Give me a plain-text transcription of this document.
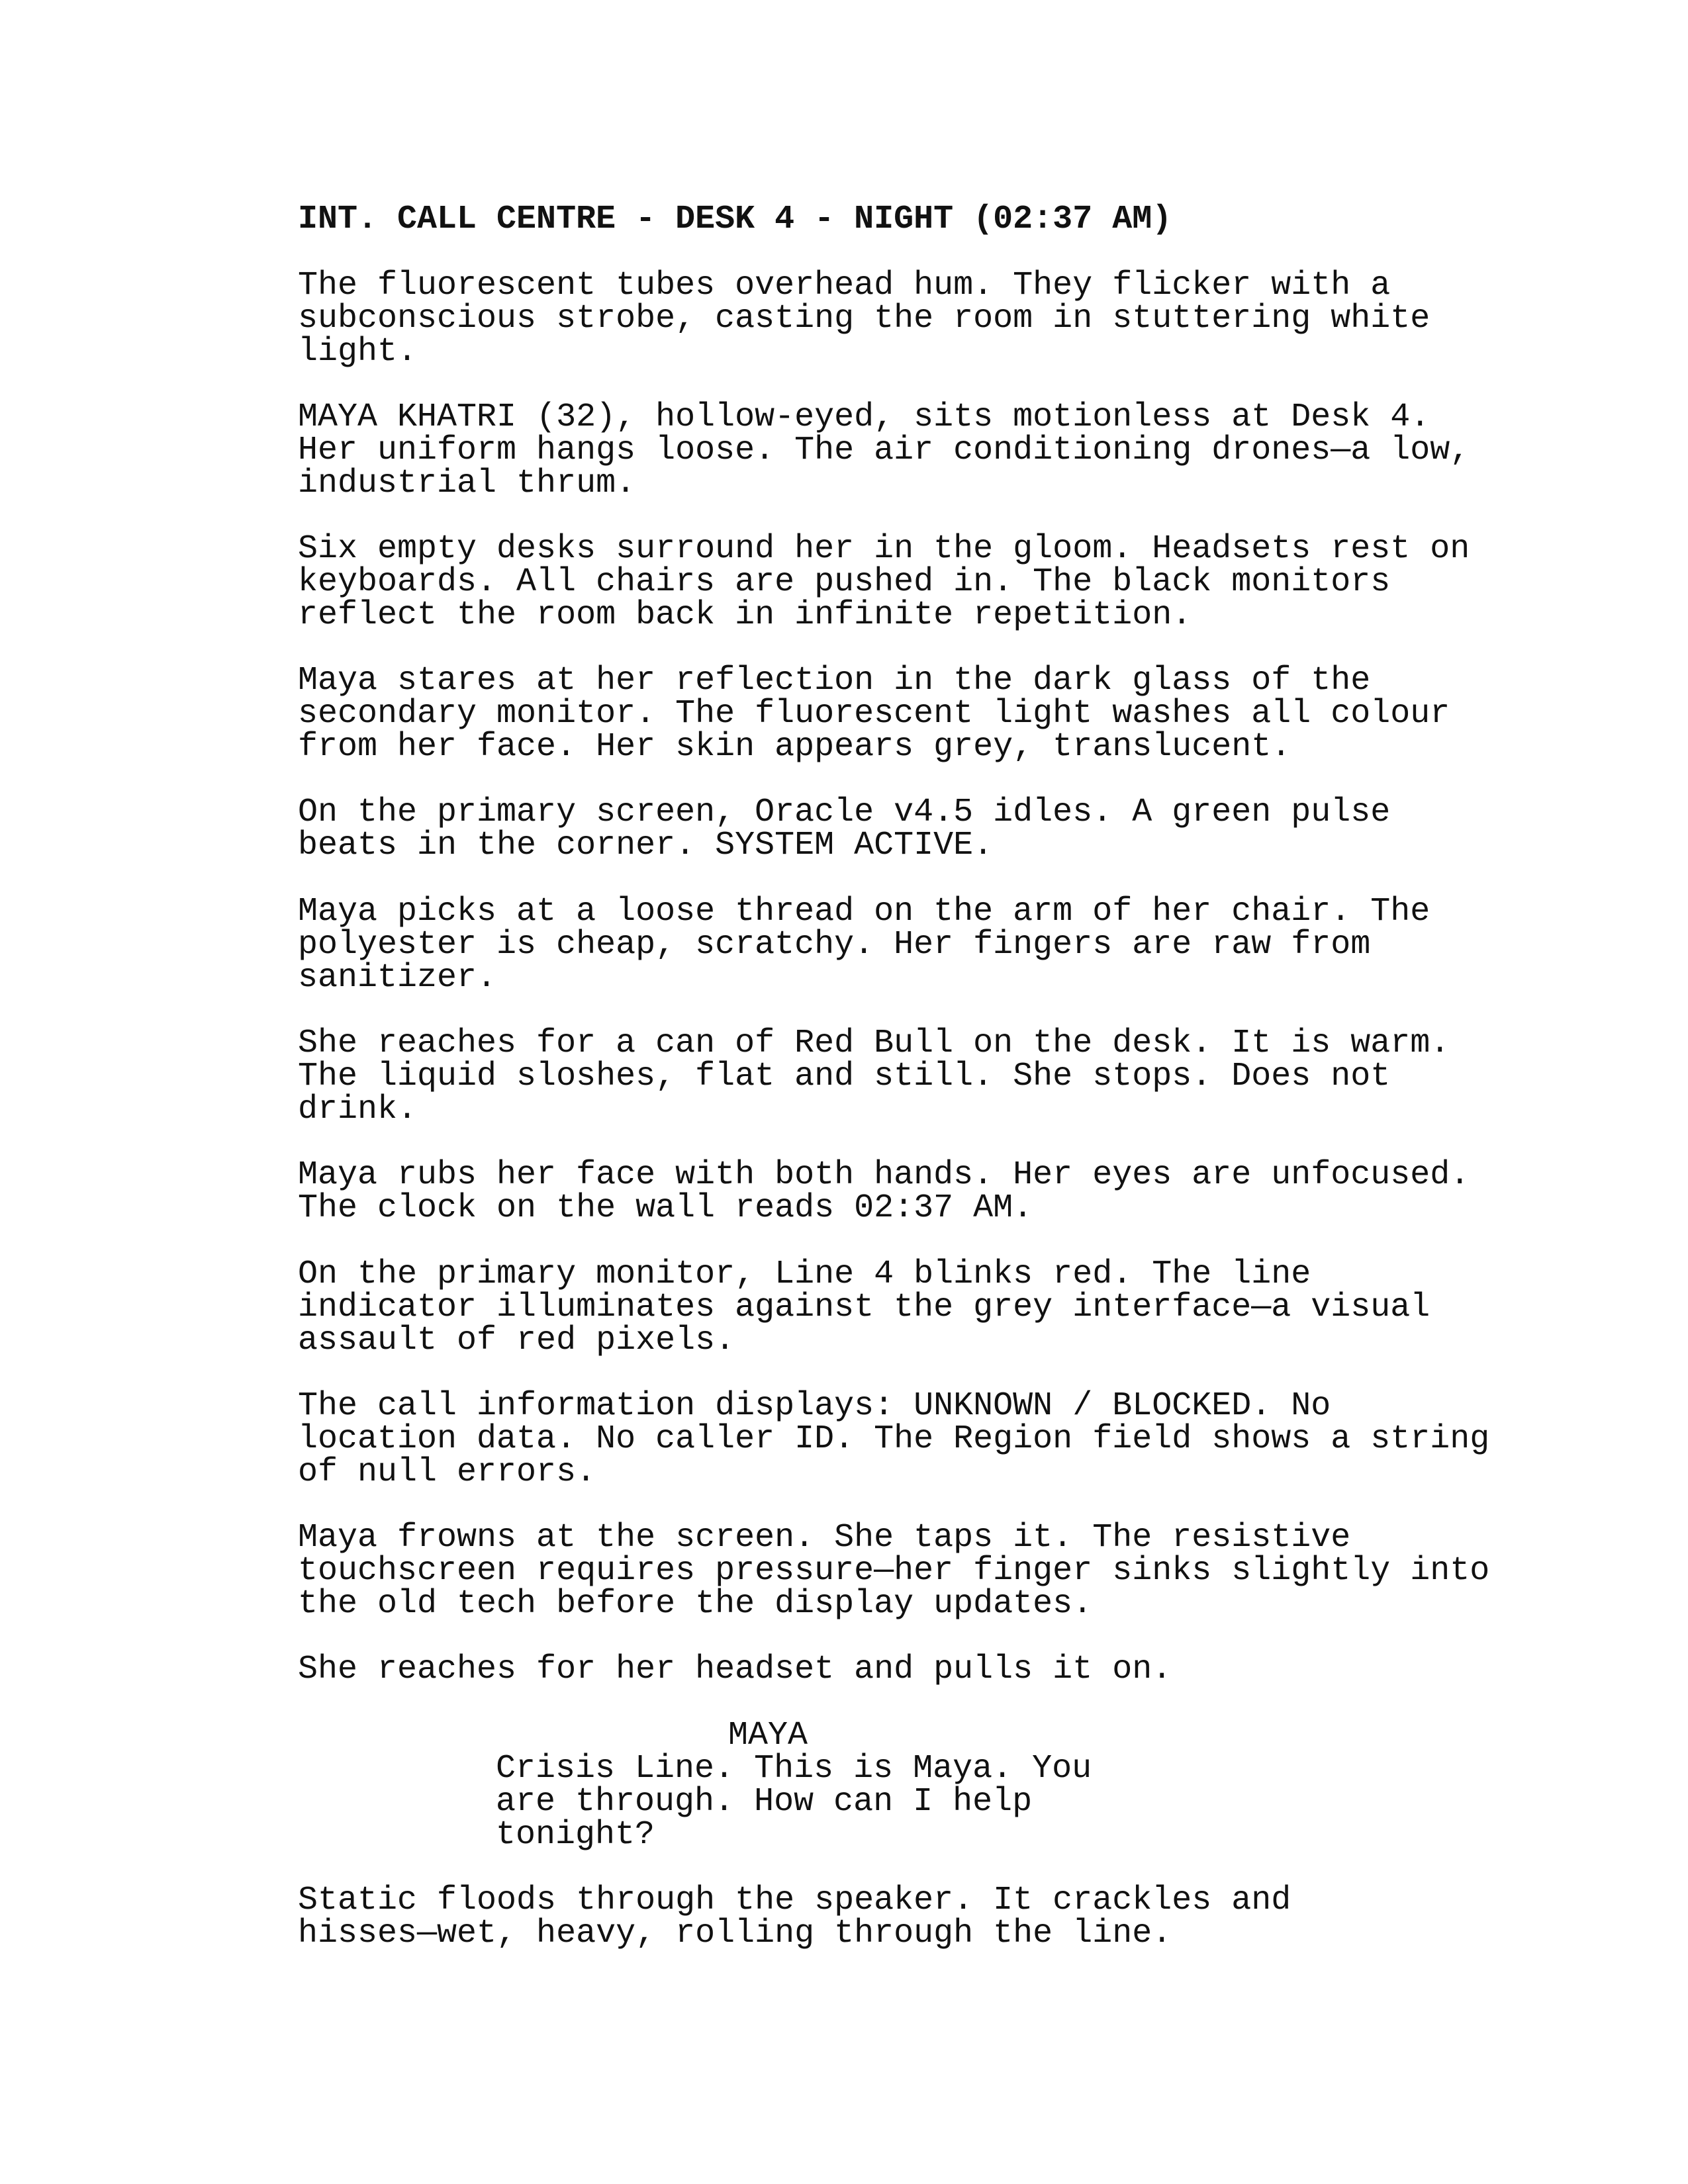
INT. CALL CENTRE - DESK 4 - NIGHT (02:37 AM)
The fluorescent tubes overhead hum. They flicker with a
subconscious strobe, casting the room in stuttering white
light.
MAYA KHATRI (32), hollow-eyed, sits motionless at Desk 4.
Her uniform hangs loose. The air conditioning drones—a low,
industrial thrum.
Six empty desks surround her in the gloom. Headsets rest on
keyboards. All chairs are pushed in. The black monitors
reflect the room back in infinite repetition.
Maya stares at her reflection in the dark glass of the
secondary monitor. The fluorescent light washes all colour
from her face. Her skin appears grey, translucent.
On the primary screen, Oracle v4.5 idles. A green pulse
beats in the corner. SYSTEM ACTIVE.
Maya picks at a loose thread on the arm of her chair. The
polyester is cheap, scratchy. Her fingers are raw from
sanitizer.
She reaches for a can of Red Bull on the desk. It is warm.
The liquid sloshes, flat and still. She stops. Does not
drink.
Maya rubs her face with both hands. Her eyes are unfocused.
The clock on the wall reads 02:37 AM.
On the primary monitor, Line 4 blinks red. The line
indicator illuminates against the grey interface—a visual
assault of red pixels.
The call information displays: UNKNOWN / BLOCKED. No
location data. No caller ID. The Region field shows a string
of null errors.
Maya frowns at the screen. She taps it. The resistive
touchscreen requires pressure—her finger sinks slightly into
the old tech before the display updates.
She reaches for her headset and pulls it on.
MAYA
Crisis Line. This is Maya. You
are through. How can I help
tonight?
Static floods through the speaker. It crackles and
hisses—wet, heavy, rolling through the line.
